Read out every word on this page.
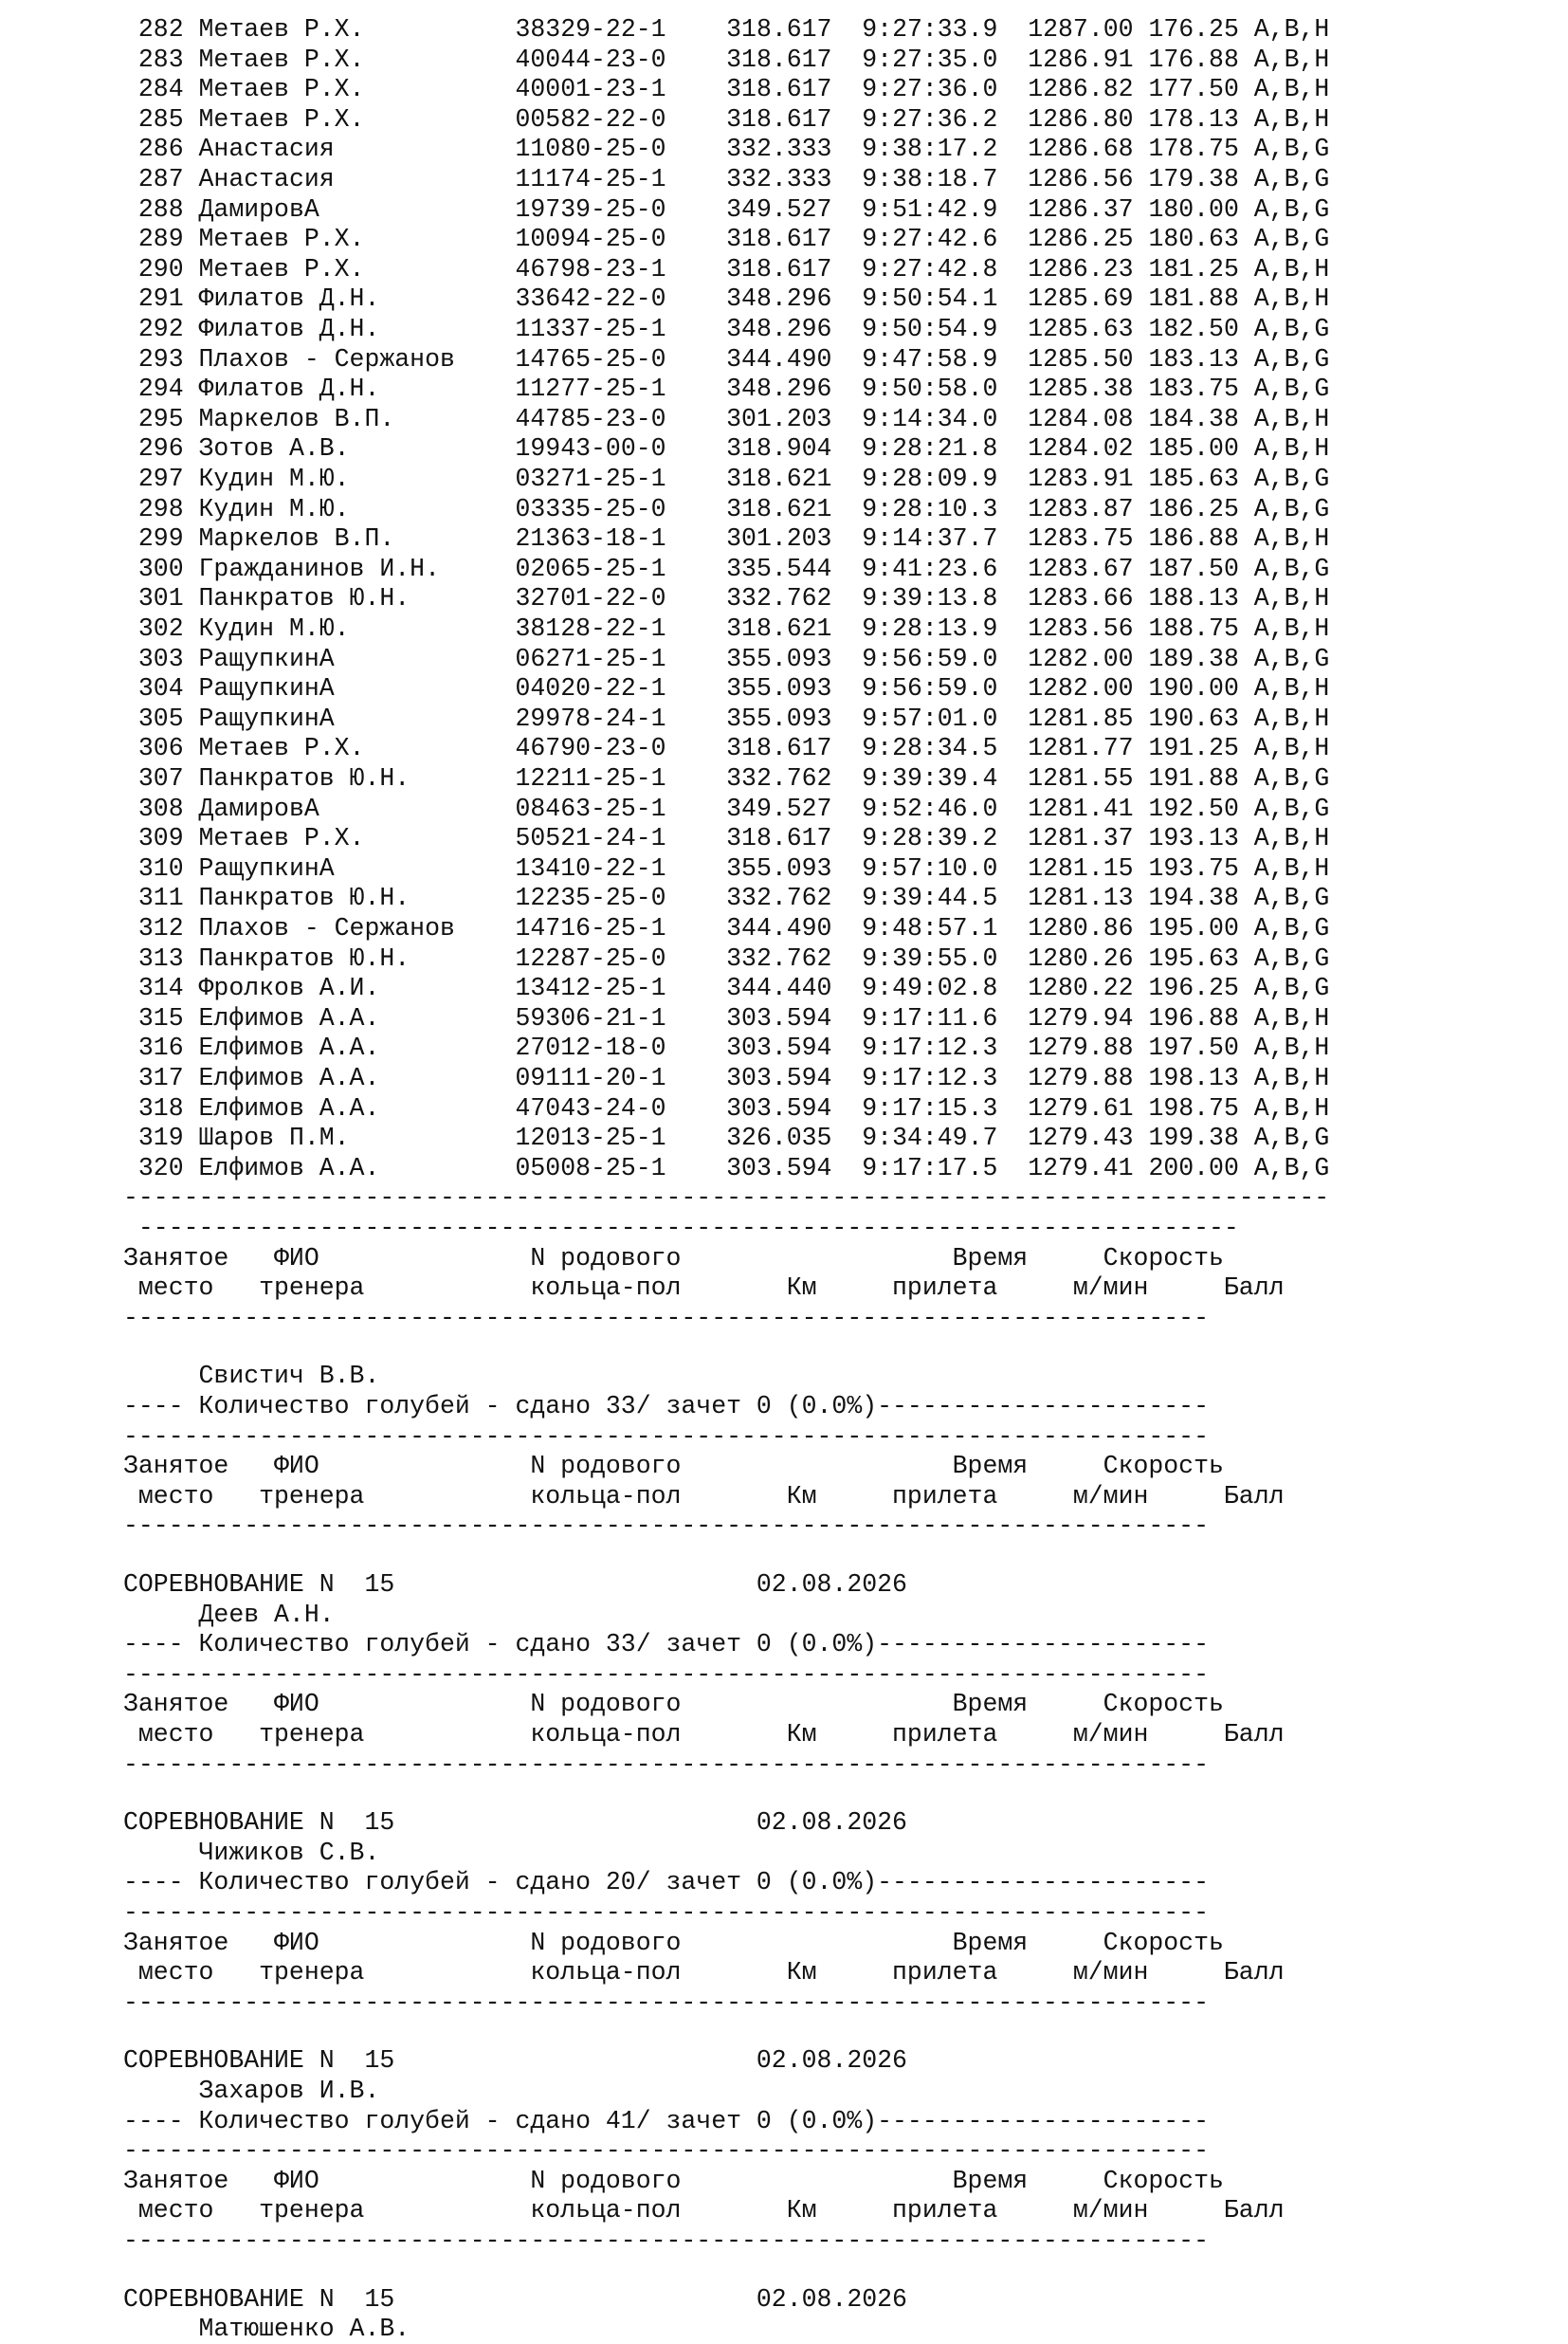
282 Метаев Р.Х.          38329-22-1    318.617  9:27:33.9  1287.00 176.25 A,B,H
283 Метаев Р.Х.          40044-23-0    318.617  9:27:35.0  1286.91 176.88 A,B,H
284 Метаев Р.Х.          40001-23-1    318.617  9:27:36.0  1286.82 177.50 A,B,H
285 Метаев Р.Х.          00582-22-0    318.617  9:27:36.2  1286.80 178.13 A,B,H
286 Анастасия            11080-25-0    332.333  9:38:17.2  1286.68 178.75 A,B,G
287 Анастасия            11174-25-1    332.333  9:38:18.7  1286.56 179.38 A,B,G
288 ДамировА             19739-25-0    349.527  9:51:42.9  1286.37 180.00 A,B,G
289 Метаев Р.Х.          10094-25-0    318.617  9:27:42.6  1286.25 180.63 A,B,G
290 Метаев Р.Х.          46798-23-1    318.617  9:27:42.8  1286.23 181.25 A,B,H
291 Филатов Д.Н.         33642-22-0    348.296  9:50:54.1  1285.69 181.88 A,B,H
292 Филатов Д.Н.         11337-25-1    348.296  9:50:54.9  1285.63 182.50 A,B,G
293 Плахов - Сержанов    14765-25-0    344.490  9:47:58.9  1285.50 183.13 A,B,G
294 Филатов Д.Н.         11277-25-1    348.296  9:50:58.0  1285.38 183.75 A,B,G
295 Маркелов В.П.        44785-23-0    301.203  9:14:34.0  1284.08 184.38 A,B,H
296 Зотов А.В.           19943-00-0    318.904  9:28:21.8  1284.02 185.00 A,B,H
297 Кудин М.Ю.           03271-25-1    318.621  9:28:09.9  1283.91 185.63 A,B,G
298 Кудин М.Ю.           03335-25-0    318.621  9:28:10.3  1283.87 186.25 A,B,G
299 Маркелов В.П.        21363-18-1    301.203  9:14:37.7  1283.75 186.88 A,B,H
300 Гражданинов И.Н.     02065-25-1    335.544  9:41:23.6  1283.67 187.50 A,B,G
301 Панкратов Ю.Н.       32701-22-0    332.762  9:39:13.8  1283.66 188.13 A,B,H
302 Кудин М.Ю.           38128-22-1    318.621  9:28:13.9  1283.56 188.75 A,B,H
303 РащупкинА            06271-25-1    355.093  9:56:59.0  1282.00 189.38 A,B,G
304 РащупкинА            04020-22-1    355.093  9:56:59.0  1282.00 190.00 A,B,H
305 РащупкинА            29978-24-1    355.093  9:57:01.0  1281.85 190.63 A,B,H
306 Метаев Р.Х.          46790-23-0    318.617  9:28:34.5  1281.77 191.25 A,B,H
307 Панкратов Ю.Н.       12211-25-1    332.762  9:39:39.4  1281.55 191.88 A,B,G
308 ДамировА             08463-25-1    349.527  9:52:46.0  1281.41 192.50 A,B,G
309 Метаев Р.Х.          50521-24-1    318.617  9:28:39.2  1281.37 193.13 A,B,H
310 РащупкинА            13410-22-1    355.093  9:57:10.0  1281.15 193.75 A,B,H
311 Панкратов Ю.Н.       12235-25-0    332.762  9:39:44.5  1281.13 194.38 A,B,G
312 Плахов - Сержанов    14716-25-1    344.490  9:48:57.1  1280.86 195.00 A,B,G
313 Панкратов Ю.Н.       12287-25-0    332.762  9:39:55.0  1280.26 195.63 A,B,G
314 Фролков А.И.         13412-25-1    344.440  9:49:02.8  1280.22 196.25 A,B,G
315 Елфимов А.А.         59306-21-1    303.594  9:17:11.6  1279.94 196.88 A,B,H
316 Елфимов А.А.         27012-18-0    303.594  9:17:12.3  1279.88 197.50 A,B,H
317 Елфимов А.А.         09111-20-1    303.594  9:17:12.3  1279.88 198.13 A,B,H
318 Елфимов А.А.         47043-24-0    303.594  9:17:15.3  1279.61 198.75 A,B,H
319 Шаров П.М.           12013-25-1    326.035  9:34:49.7  1279.43 199.38 A,B,G
320 Елфимов А.А.         05008-25-1    303.594  9:17:17.5  1279.41 200.00 A,B,G
--------------------------------------------------------------------------------
-------------------------------------------------------------------------
Занятое   ФИО              N родового                  Время     Скорость
место   тренера           кольца-пол       Км     прилета     м/мин     Балл
------------------------------------------------------------------------
Свистич В.В.
---- Количество голубей - сдано 33/ зачет 0 (0.0%)----------------------
------------------------------------------------------------------------
Занятое   ФИО              N родового                  Время     Скорость
место   тренера           кольца-пол       Км     прилета     м/мин     Балл
------------------------------------------------------------------------
СОРЕВНОВАНИЕ N  15                        02.08.2026
Деев А.Н.
---- Количество голубей - сдано 33/ зачет 0 (0.0%)----------------------
------------------------------------------------------------------------
Занятое   ФИО              N родового                  Время     Скорость
место   тренера           кольца-пол       Км     прилета     м/мин     Балл
------------------------------------------------------------------------
СОРЕВНОВАНИЕ N  15                        02.08.2026
Чижиков С.В.
---- Количество голубей - сдано 20/ зачет 0 (0.0%)----------------------
------------------------------------------------------------------------
Занятое   ФИО              N родового                  Время     Скорость
место   тренера           кольца-пол       Км     прилета     м/мин     Балл
------------------------------------------------------------------------
СОРЕВНОВАНИЕ N  15                        02.08.2026
Захаров И.В.
---- Количество голубей - сдано 41/ зачет 0 (0.0%)----------------------
------------------------------------------------------------------------
Занятое   ФИО              N родового                  Время     Скорость
место   тренера           кольца-пол       Км     прилета     м/мин     Балл
------------------------------------------------------------------------
СОРЕВНОВАНИЕ N  15                        02.08.2026
Матюшенко А.В.
